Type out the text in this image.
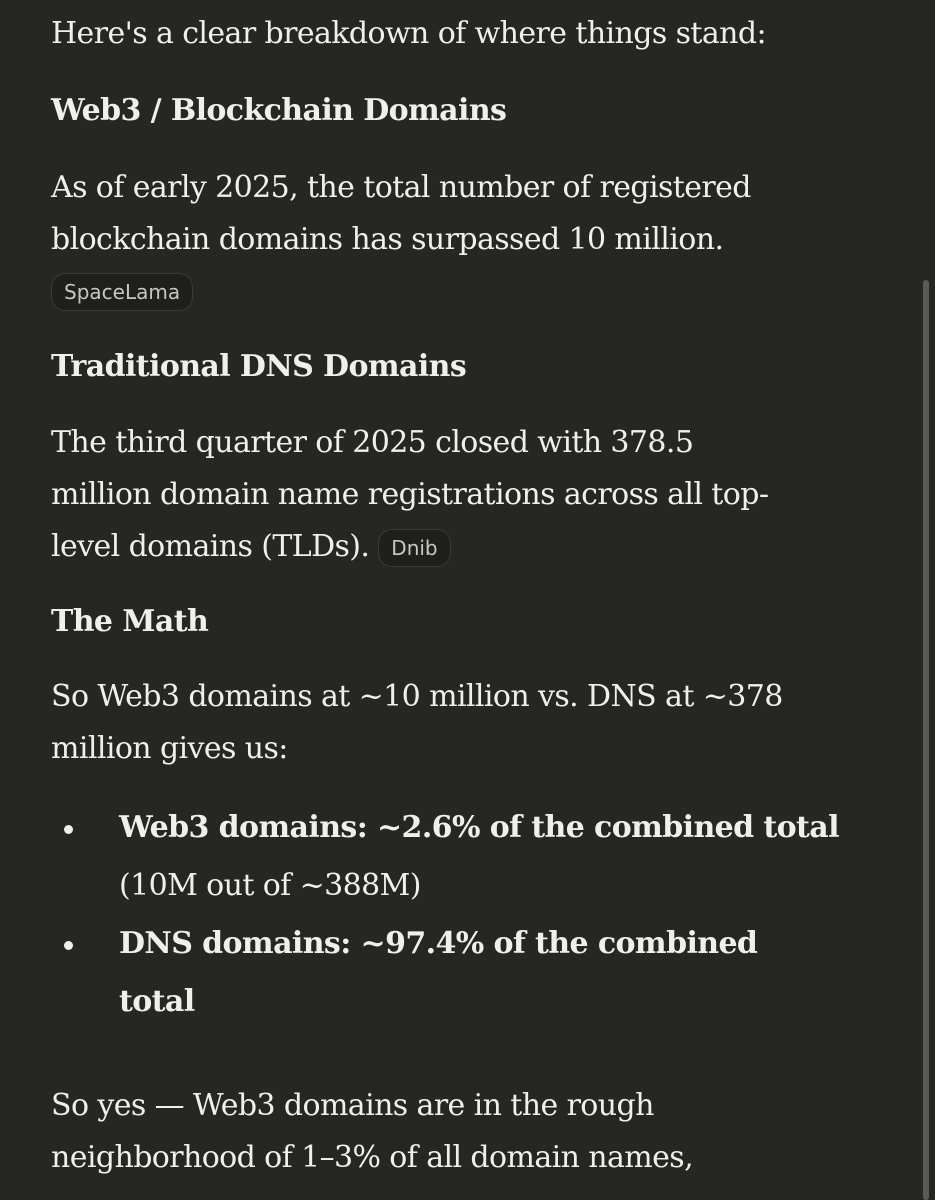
Here's a clear breakdown of where things stand:

Web3 / Blockchain Domains

As of early 2025, the total number of registered

blockchain domains has surpassed 10 million.

SpaceLama
Traditional DNS Domains

The third quarter of 2025 closed with 378.5

million domain name registrations across all top-

level domains (TLDs). Dnib

The Math

So Web3 domains at ~10 million vs. DNS at ~378

million gives us:

Web3 domains: ~2.6% of the combined total
(10M out of ~388M)
DNS domains: ~97.4% of the combined
total

So yes — Web3 domains are in the rough

neighborhood of 1–3% of all domain names,
